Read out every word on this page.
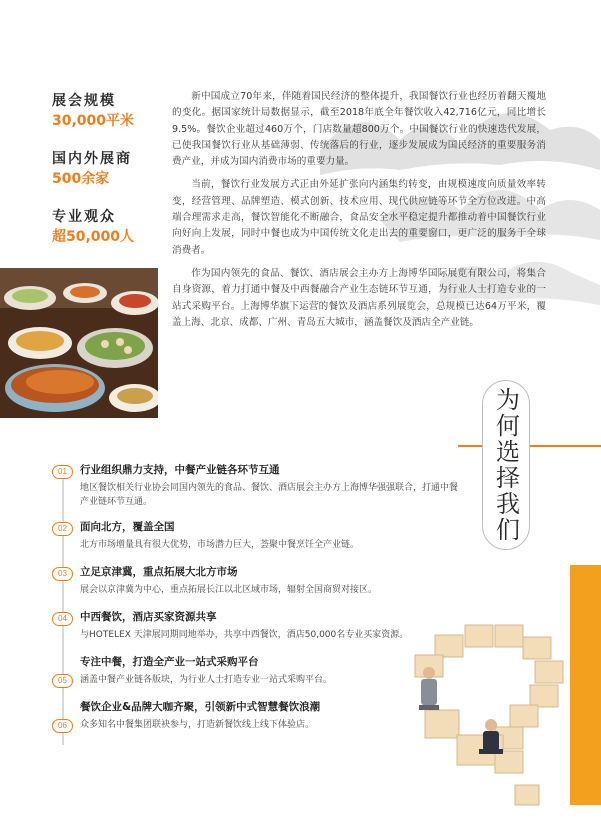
展会规模
30,000平米
国内外展商
500余家
专业观众
超50,000人

新中国成立70年来，伴随着国民经济的整体提升，我国餐饮行业也经历着翻天覆地的变化。据国家统计局数据显示，截至2018年底全年餐饮收入42,716亿元，同比增长9.5%。餐饮企业超过460万个，门店数量超800万个。中国餐饮行业的快速迭代发展，已使我国餐饮行业从基础薄弱、传统落后的行业，逐步发展成为国民经济的重要服务消费产业，并成为国内消费市场的重要力量。

当前，餐饮行业发展方式正由外延扩张向内涵集约转变，由规模速度向质量效率转变，经营管理、品牌塑造、模式创新、技术应用、现代供应链等环节全方位改进。中高端合理需求走高，餐饮智能化不断融合，食品安全水平稳定提升都推动着中国餐饮行业向好向上发展，同时中餐也成为中国传统文化走出去的重要窗口，更广泛的服务于全球消费者。

作为国内领先的食品、餐饮、酒店展会主办方上海博华国际展览有限公司，将集合自身资源，着力打通中餐及中西餐融合产业生态链环节互通，为行业人士打造专业的一站式采购平台。上海博华旗下运营的餐饮及酒店系列展览会，总规模已达64万平米，覆盖上海、北京、成都、广州、青岛五大城市，涵盖餐饮及酒店全产业链。

为何选择我们
01	行业组织鼎力支持，中餐产业链各环节互通
地区餐饮相关行业协会同国内领先的食品、餐饮、酒店展会主办方上海博华强强联合，打通中餐产业链环节互通。
02	面向北方，覆盖全国
北方市场增量具有很大优势，市场潜力巨大，荟聚中餐烹饪全产业链。
03	立足京津冀，重点拓展大北方市场
展会以京津冀为中心，重点拓展长江以北区域市场，辐射全国商贸对接区。
04	中西餐饮，酒店买家资源共享
与HOTELEX 天津展同期同地举办，共享中西餐饮，酒店50,000名专业买家资源。
05
专注中餐，打造全产业一站式采购平台
涵盖中餐产业链各版块，为行业人士打造专业一站式采购平台。
06
餐饮企业&品牌大咖齐聚，引领新中式智慧餐饮浪潮
众多知名中餐集团联袂参与，打造新餐饮线上线下体验店。
